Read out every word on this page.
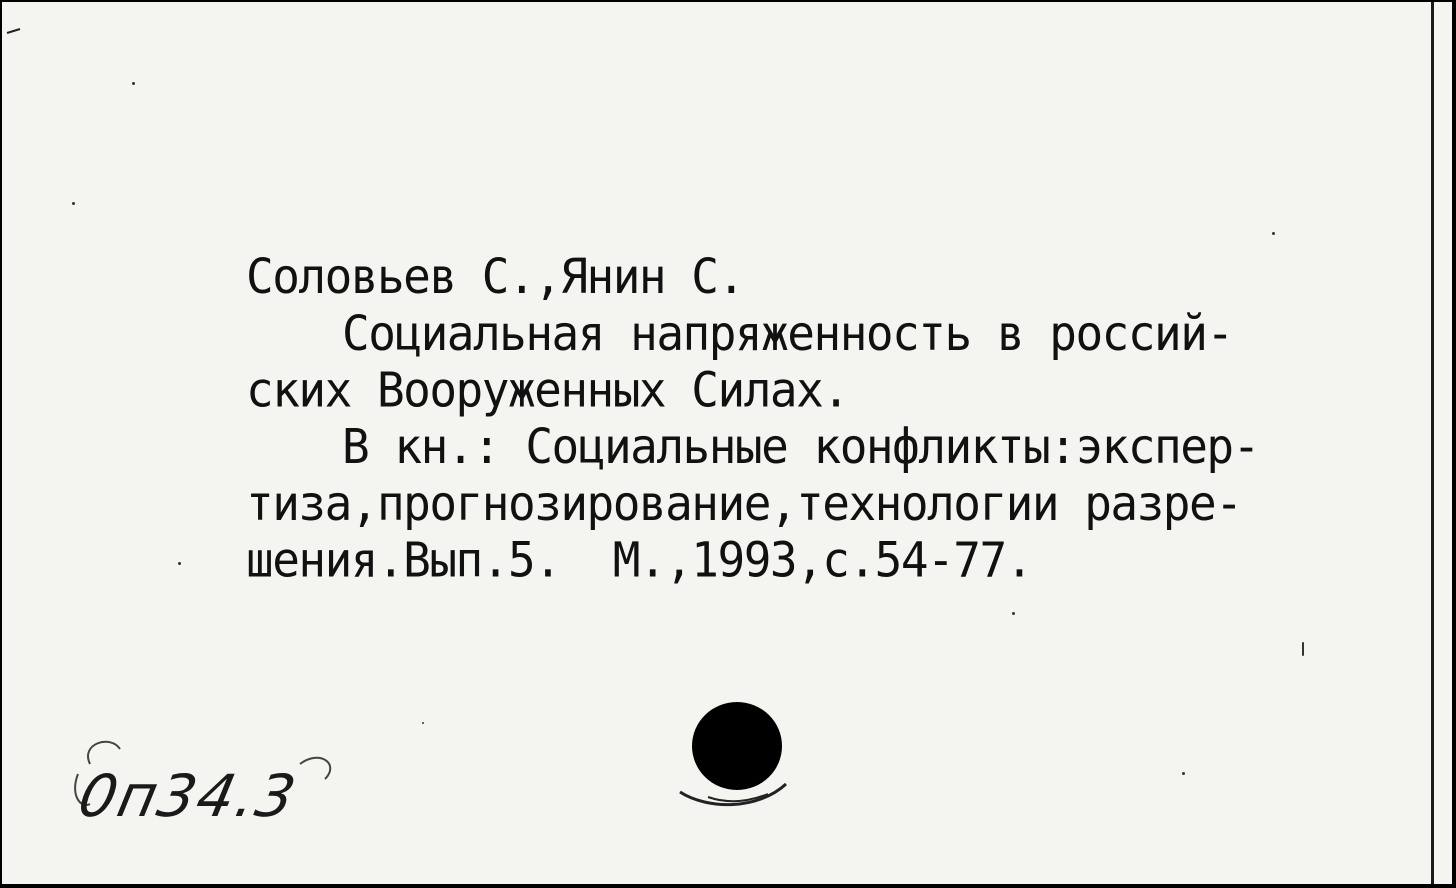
Соловьев С.,Янин С.
Социальная напряженность в россий-
ских Вооруженных Силах.
В кн.: Социальные конфликты:экспер-
тиза,прогнозирование,технологии разре-
шения.Вып.5.  М.,1993,с.54-77.
0п34.3
